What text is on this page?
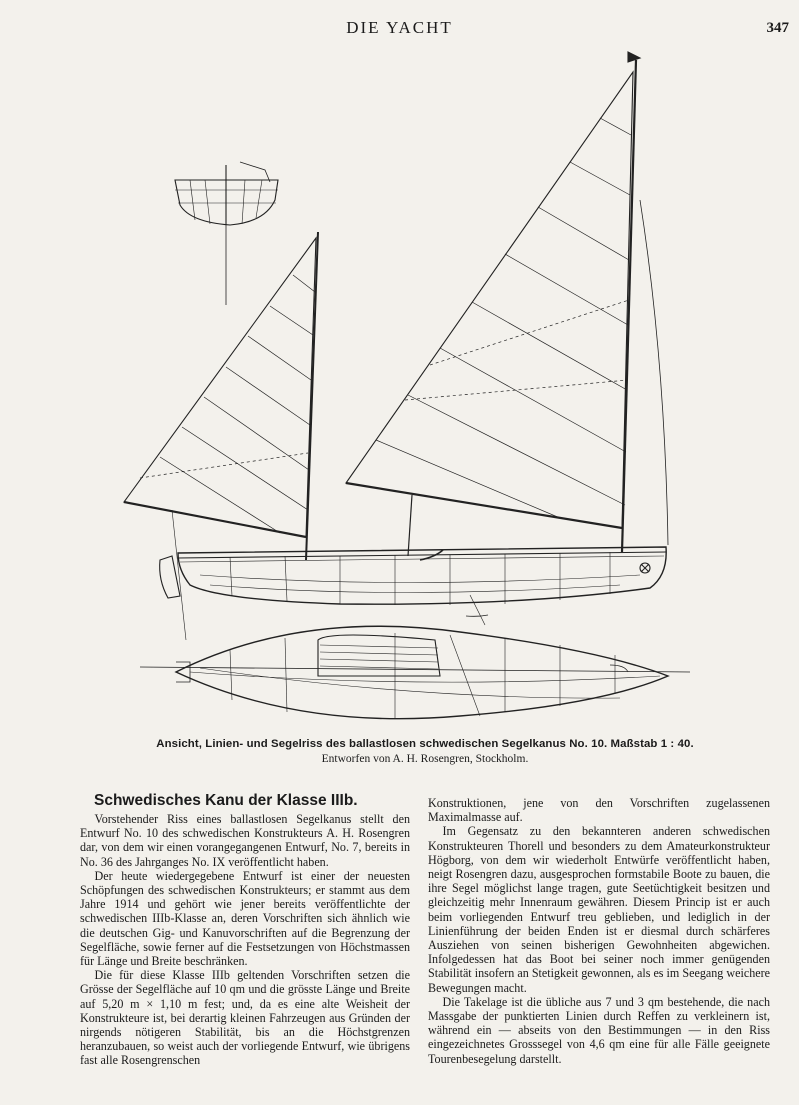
DIE YACHT	347
Ansicht, Linien- und Segelriss des ballastlosen schwedischen Segelkanus No. 10. Maßstab 1 : 40.
Entworfen von A. H. Rosengren, Stockholm.
Schwedisches Kanu der Klasse IIIb.

Vorstehender Riss eines ballastlosen Segelkanus stellt den Entwurf No. 10 des schwedischen Konstrukteurs A. H. Rosengren dar, von dem wir einen vorangegangenen Entwurf, No. 7, bereits in No. 36 des Jahrganges No. IX veröffentlicht haben.

Der heute wiedergegebene Entwurf ist einer der neuesten Schöpfungen des schwedischen Konstrukteurs; er stammt aus dem Jahre 1914 und gehört wie jener bereits veröffentlichte der schwedischen IIIb-Klasse an, deren Vorschriften sich ähnlich wie die deutschen Gig- und Kanuvorschriften auf die Begrenzung der Segelfläche, sowie ferner auf die Festsetzungen von Höchstmassen für Länge und Breite beschränken.

Die für diese Klasse IIIb geltenden Vorschriften setzen die Grösse der Segelfläche auf 10 qm und die grösste Länge und Breite auf 5,20 m × 1,10 m fest; und, da es eine alte Weisheit der Konstrukteure ist, bei derartig kleinen Fahrzeugen aus Gründen der nirgends nötigeren Stabilität, bis an die Höchstgrenzen heranzubauen, so weist auch der vorliegende Entwurf, wie übrigens fast alle Rosengrenschen

Konstruktionen, jene von den Vorschriften zugelassenen Maximalmasse auf.

Im Gegensatz zu den bekannteren anderen schwedischen Konstrukteuren Thorell und besonders zu dem Amateurkonstrukteur Högborg, von dem wir wiederholt Entwürfe veröffentlicht haben, neigt Rosengren dazu, ausgesprochen formstabile Boote zu bauen, die ihre Segel möglichst lange tragen, gute Seetüchtigkeit besitzen und gleichzeitig mehr Innenraum gewähren. Diesem Princip ist er auch beim vorliegenden Entwurf treu geblieben, und lediglich in der Linienführung der beiden Enden ist er diesmal durch schärferes Ausziehen von seinen bisherigen Gewohnheiten abgewichen. Infolgedessen hat das Boot bei seiner noch immer genügenden Stabilität insofern an Stetigkeit gewonnen, als es im Seegang weichere Bewegungen macht.

Die Takelage ist die übliche aus 7 und 3 qm bestehende, die nach Massgabe der punktierten Linien durch Reffen zu verkleinern ist, während ein — abseits von den Bestimmungen — in den Riss eingezeichnetes Grosssegel von 4,6 qm eine für alle Fälle geeignete Tourenbesegelung darstellt.
